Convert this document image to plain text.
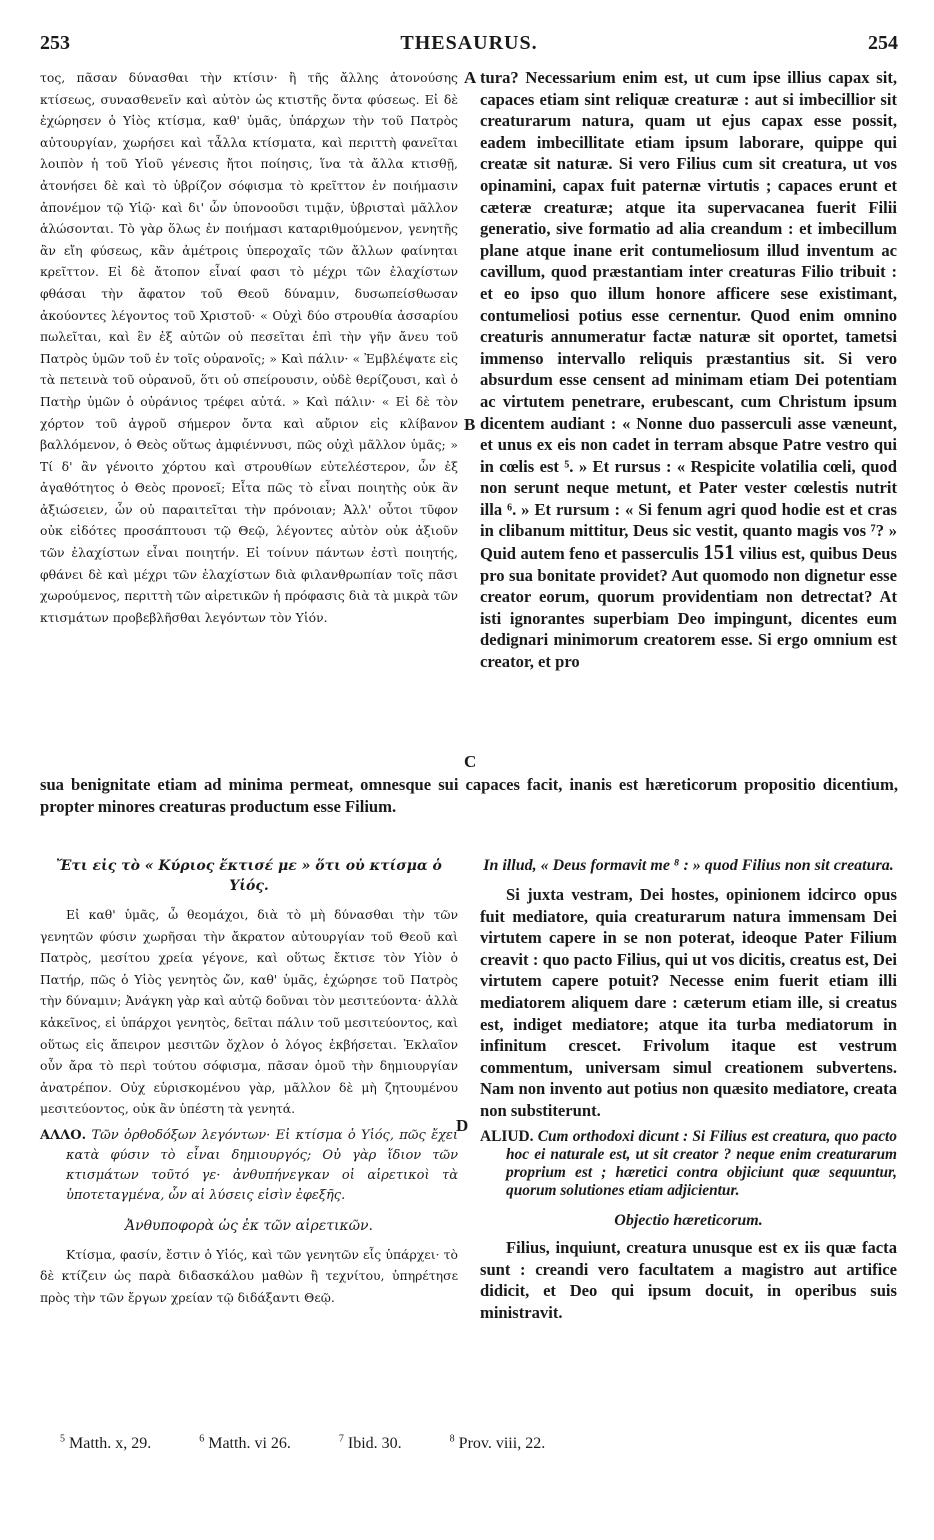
253	THESAURUS.	254
A
B
C
D

τος, πᾶσαν δύνασθαι τὴν κτίσιν· ἢ τῆς ἄλλης ἀτονούσης κτίσεως, συνασθενεῖν καὶ αὐτὸν ὡς κτιστῆς ὄντα φύσεως. Εἰ δὲ ἐχώρησεν ὁ Υἱὸς κτίσμα, καθ' ὑμᾶς, ὑπάρχων τὴν τοῦ Πατρὸς αὐτουργίαν, χωρήσει καὶ τἆλλα κτίσματα, καὶ περιττὴ φανεῖται λοιπὸν ἡ τοῦ Υἱοῦ γένεσις ἤτοι ποίησις, ἵνα τὰ ἄλλα κτισθῇ, ἀτονήσει δὲ καὶ τὸ ὑβρίζον σόφισμα τὸ κρεῖττον ἐν ποιήμασιν ἀπονέμον τῷ Υἱῷ· καὶ δι' ὧν ὑπονοοῦσι τιμᾷν, ὑβρισταὶ μᾶλλον ἁλώσονται. Τὸ γὰρ ὅλως ἐν ποιήμασι καταριθμούμενον, γενητῆς ἂν εἴη φύσεως, κἂν ἀμέτροις ὑπεροχαῖς τῶν ἄλλων φαίνηται κρεῖττον. Εἰ δὲ ἄτοπον εἶναί φασι τὸ μέχρι τῶν ἐλαχίστων φθάσαι τὴν ἄφατον τοῦ Θεοῦ δύναμιν, δυσωπείσθωσαν ἀκούοντες λέγοντος τοῦ Χριστοῦ· « Οὐχὶ δύο στρουθία ἀσσαρίου πωλεῖται, καὶ ἓν ἐξ αὐτῶν οὐ πεσεῖται ἐπὶ τὴν γῆν ἄνευ τοῦ Πατρὸς ὑμῶν τοῦ ἐν τοῖς οὐρανοῖς; » Καὶ πάλιν· « Ἐμβλέψατε εἰς τὰ πετεινὰ τοῦ οὐρανοῦ, ὅτι οὐ σπείρουσιν, οὐδὲ θερίζουσι, καὶ ὁ Πατὴρ ὑμῶν ὁ οὐράνιος τρέφει αὐτά. » Καὶ πάλιν· « Εἰ δὲ τὸν χόρτον τοῦ ἀγροῦ σήμερον ὄντα καὶ αὔριον εἰς κλίβανον βαλλόμενον, ὁ Θεὸς οὕτως ἀμφιέννυσι, πῶς οὐχὶ μᾶλλον ὑμᾶς; » Τί δ' ἂν γένοιτο χόρτου καὶ στρουθίων εὐτελέστερον, ὧν ἐξ ἀγαθότητος ὁ Θεὸς προνοεῖ; Εἶτα πῶς τὸ εἶναι ποιητὴς οὐκ ἂν ἀξιώσειεν, ὧν οὐ παραιτεῖται τὴν πρόνοιαν; Ἀλλ' οὗτοι τῦφον οὐκ εἰδότες προσάπτουσι τῷ Θεῷ, λέγοντες αὐτὸν οὐκ ἀξιοῦν τῶν ἐλαχίστων εἶναι ποιητήν. Εἰ τοίνυν πάντων ἐστὶ ποιητής, φθάνει δὲ καὶ μέχρι τῶν ἐλαχίστων διὰ φιλανθρωπίαν τοῖς πᾶσι χωρούμενος, περιττὴ τῶν αἱρετικῶν ἡ πρόφασις διὰ τὰ μικρὰ τῶν κτισμάτων προβεβλῆσθαι λεγόντων τὸν Υἱόν.

tura? Necessarium enim est, ut cum ipse illius capax sit, capaces etiam sint reliquæ creaturæ : aut si imbecillior sit creaturarum natura, quam ut ejus capax esse possit, eadem imbecillitate etiam ipsum laborare, quippe qui creatæ sit naturæ. Si vero Filius cum sit creatura, ut vos opinamini, capax fuit paternæ virtutis ; capaces erunt et cæteræ creaturæ; atque ita supervacanea fuerit Filii generatio, sive formatio ad alia creandum : et imbecillum plane atque inane erit contumeliosum illud inventum ac cavillum, quod præstantiam inter creaturas Filio tribuit : et eo ipso quo illum honore afficere sese existimant, contumeliosi potius esse cernentur. Quod enim omnino creaturis annumeratur factæ naturæ sit oportet, tametsi immenso intervallo reliquis præstantius sit. Si vero absurdum esse censent ad minimam etiam Dei potentiam ac virtutem penetrare, erubescant, cum Christum ipsum dicentem audiant : « Nonne duo passerculi asse væneunt, et unus ex eis non cadet in terram absque Patre vestro qui in cœlis est ⁵. » Et rursus : « Respicite volatilia cœli, quod non serunt neque metunt, et Pater vester cœlestis nutrit illa ⁶. » Et rursum : « Si fenum agri quod hodie est et cras in clibanum mittitur, Deus sic vestit, quanto magis vos ⁷? » Quid autem feno et passerculis 151 vilius est, quibus Deus pro sua bonitate providet? Aut quomodo non dignetur esse creator eorum, quorum providentiam non detrectat? At isti ignorantes superbiam Deo impingunt, dicentes eum dedignari minimorum creatorem esse. Si ergo omnium est creator, et pro

sua benignitate etiam ad minima permeat, omnesque sui capaces facit, inanis est hæreticorum propositio dicentium, propter minores creaturas productum esse Filium.

Ἔτι εἰς τὸ « Κύριος ἔκτισέ με » ὅτι οὐ κτίσμα ὁ Υἱός.

Εἰ καθ' ὑμᾶς, ὦ θεομάχοι, διὰ τὸ μὴ δύνασθαι τὴν τῶν γενητῶν φύσιν χωρῆσαι τὴν ἄκρατον αὐτουργίαν τοῦ Θεοῦ καὶ Πατρὸς, μεσίτου χρεία γέγονε, καὶ οὕτως ἔκτισε τὸν Υἱὸν ὁ Πατήρ, πῶς ὁ Υἱὸς γενητὸς ὤν, καθ' ὑμᾶς, ἐχώρησε τοῦ Πατρὸς τὴν δύναμιν; Ἀνάγκη γὰρ καὶ αὐτῷ δοῦναι τὸν μεσιτεύοντα· ἀλλὰ κἀκεῖνος, εἰ ὑπάρχοι γενητὸς, δεῖται πάλιν τοῦ μεσιτεύοντος, καὶ οὕτως εἰς ἄπειρον μεσιτῶν ὄχλον ὁ λόγος ἐκβήσεται. Ἐκλαῖον οὖν ἄρα τὸ περὶ τούτου σόφισμα, πᾶσαν ὁμοῦ τὴν δημιουργίαν ἀνατρέπον. Οὐχ εὑρισκομένου γὰρ, μᾶλλον δὲ μὴ ζητουμένου μεσιτεύοντος, οὐκ ἂν ὑπέστη τὰ γενητά.

ΑΛΛΟ. Τῶν ὀρθοδόξων λεγόντων· Εἰ κτίσμα ὁ Υἱός, πῶς ἔχει κατὰ φύσιν τὸ εἶναι δημιουργός; Οὐ γὰρ ἴδιον τῶν κτισμάτων τοῦτό γε· ἀνθυπήνεγκαν οἱ αἱρετικοὶ τὰ ὑποτεταγμένα, ὧν αἱ λύσεις εἰσὶν ἐφεξῆς.

Ἀνθυποφορὰ ὡς ἐκ τῶν αἱρετικῶν.

Κτίσμα, φασίν, ἔστιν ὁ Υἱός, καὶ τῶν γενητῶν εἷς ὑπάρχει· τὸ δὲ κτίζειν ὡς παρὰ διδασκάλου μαθὼν ἢ τεχνίτου, ὑπηρέτησε πρὸς τὴν τῶν ἔργων χρείαν τῷ διδάξαντι Θεῷ.

In illud, « Deus formavit me ⁸ : » quod Filius non sit creatura.

Si juxta vestram, Dei hostes, opinionem idcirco opus fuit mediatore, quia creaturarum natura immensam Dei virtutem capere in se non poterat, ideoque Pater Filium creavit : quo pacto Filius, qui ut vos dicitis, creatus est, Dei virtutem capere potuit? Necesse enim fuerit etiam illi mediatorem aliquem dare : cæterum etiam ille, si creatus est, indiget mediatore; atque ita turba mediatorum in infinitum crescet. Frivolum itaque est vestrum commentum, universam simul creationem subvertens. Nam non invento aut potius non quæsito mediatore, creata non substiterunt.

ALIUD. Cum orthodoxi dicunt : Si Filius est creatura, quo pacto hoc ei naturale est, ut sit creator ? neque enim creaturarum proprium est ; hæretici contra objiciunt quæ sequuntur, quorum solutiones etiam adjicientur.

Objectio hæreticorum.

Filius, inquiunt, creatura unusque est ex iis quæ facta sunt : creandi vero facultatem a magistro aut artifice didicit, et Deo qui ipsum docuit, in operibus suis ministravit.

$^5$ Matth. x, 29.	$^6$ Matth. vi 26.	$^7$ Ibid. 30.	$^8$ Prov. viii, 22.
